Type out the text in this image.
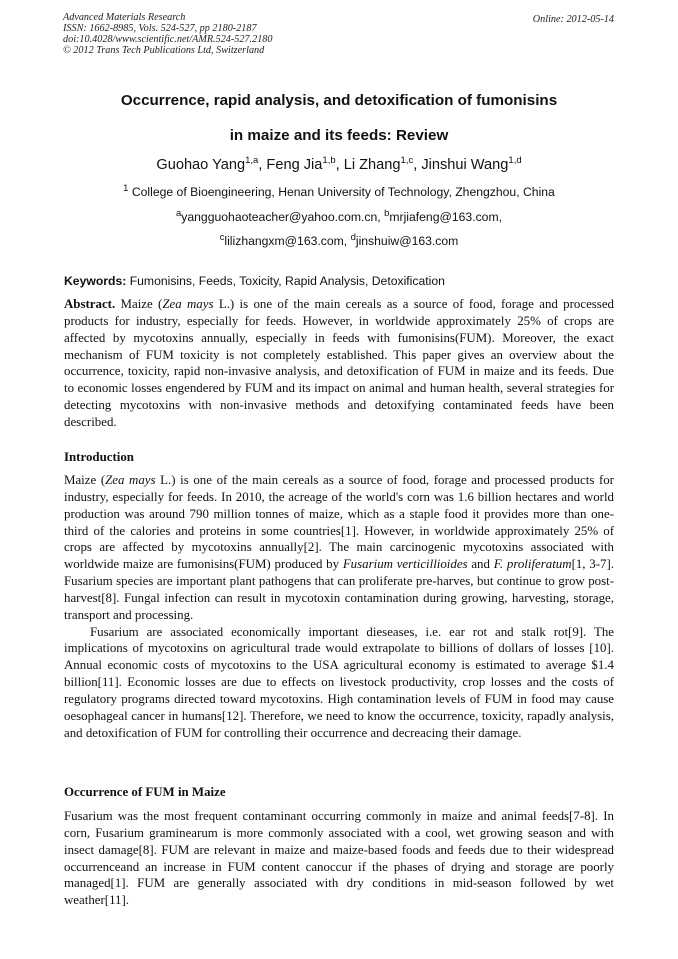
Advanced Materials Research
ISSN: 1662-8985, Vols. 524-527, pp 2180-2187
doi:10.4028/www.scientific.net/AMR.524-527.2180
© 2012 Trans Tech Publications Ltd, Switzerland
Online: 2012-05-14
Occurrence, rapid analysis, and detoxification of fumonisins
in maize and its feeds: Review
Guohao Yang$^{1,a}$, Feng Jia$^{1,b}$, Li Zhang$^{1,c}$, Jinshui Wang$^{1,d}$
$^1$ College of Bioengineering, Henan University of Technology, Zhengzhou, China
$^a$yangguohaoteacher@yahoo.com.cn, $^b$mrjiafeng@163.com,
$^c$lilizhangxm@163.com, $^d$jinshuiw@163.com
Keywords: Fumonisins, Feeds, Toxicity, Rapid Analysis, Detoxification

Abstract. Maize (Zea mays L.) is one of the main cereals as a source of food, forage and processed products for industry, especially for feeds. However, in worldwide approximately 25% of crops are affected by mycotoxins annually, especially in feeds with fumonisins(FUM). Moreover, the exact mechanism of FUM toxicity is not completely established. This paper gives an overview about the occurrence, toxicity, rapid non-invasive analysis, and detoxification of FUM in maize and its feeds. Due to economic losses engendered by FUM and its impact on animal and human health, several strategies for detecting mycotoxins with non-invasive methods and detoxifying contaminated feeds have been described.

Introduction

Maize (Zea mays L.) is one of the main cereals as a source of food, forage and processed products for industry, especially for feeds. In 2010, the acreage of the world's corn was 1.6 billion hectares and world production was around 790 million tonnes of maize, which as a staple food it provides more than one-third of the calories and proteins in some countries[1]. However, in worldwide approximately 25% of crops are affected by mycotoxins annually[2]. The main carcinogenic mycotoxins associated with worldwide maize are fumonisins(FUM) produced by Fusarium verticillioides and F. proliferatum[1, 3-7]. Fusarium species are important plant pathogens that can proliferate pre-harves, but continue to grow post-harvest[8]. Fungal infection can result in mycotoxin contamination during growing, harvesting, storage, transport and processing.

Fusarium are associated economically important dieseases, i.e. ear rot and stalk rot[9]. The implications of mycotoxins on agricultural trade would extrapolate to billions of dollars of losses [10]. Annual economic costs of mycotoxins to the USA agricultural economy is estimated to average $1.4 billion[11]. Economic losses are due to effects on livestock productivity, crop losses and the costs of regulatory programs directed toward mycotoxins. High contamination levels of FUM in food may cause oesophageal cancer in humans[12]. Therefore, we need to know the occurrence, toxicity, rapadly analysis, and detoxification of FUM for controlling their occurrence and decreacing their damage.

Occurrence of FUM in Maize

Fusarium was the most frequent contaminant occurring commonly in maize and animal feeds[7-8]. In corn, Fusarium graminearum is more commonly associated with a cool, wet growing season and with insect damage[8]. FUM are relevant in maize and maize-based foods and feeds due to their widespread occurrenceand an increase in FUM content canoccur if the phases of drying and storage are poorly managed[1]. FUM are generally associated with dry conditions in mid-season followed by wet weather[11].
